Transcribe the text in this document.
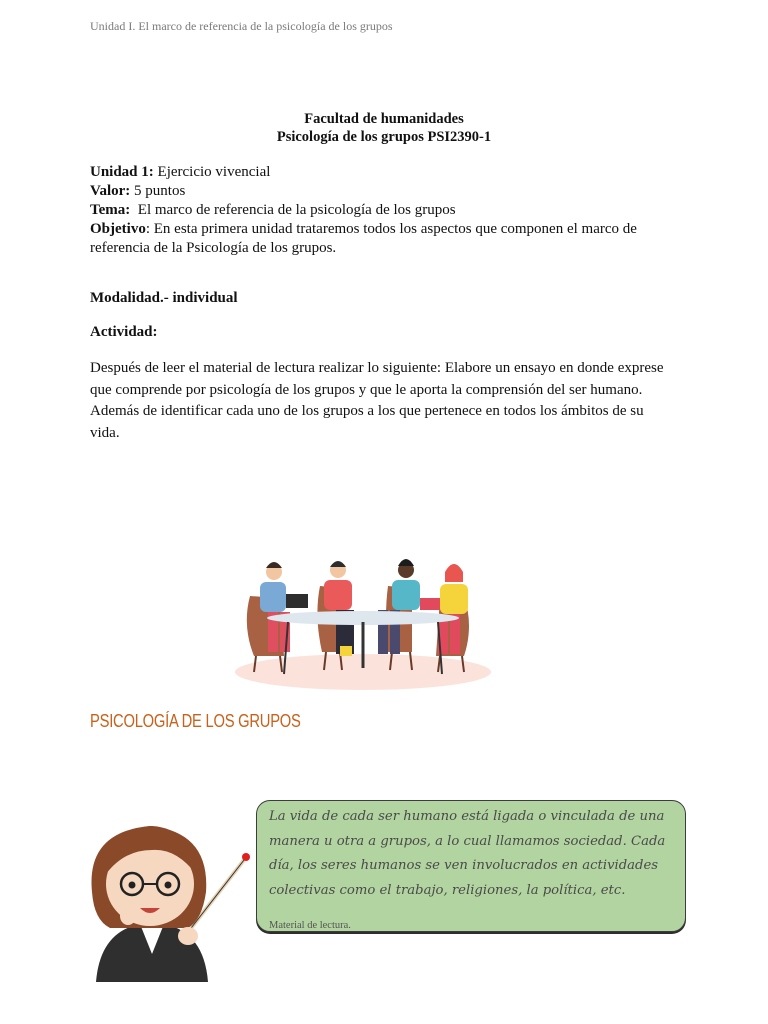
Unidad I. El marco de referencia de la psicología de los grupos
Facultad de humanidades
Psicología de los grupos PSI2390-1
Unidad 1: Ejercicio vivencial
Valor: 5 puntos
Tema:  El marco de referencia de la psicología de los grupos
Objetivo: En esta primera unidad trataremos todos los aspectos que componen el marco de referencia de la Psicología de los grupos.
Modalidad.- individual
Actividad:
Después de leer el material de lectura realizar lo siguiente: Elabore un ensayo en donde exprese que comprende por psicología de los grupos y que le aporta la comprensión del ser humano. Además de identificar cada uno de los grupos a los que pertenece en todos los ámbitos de su vida.
PSICOLOGÍA DE LOS GRUPOS
La vida de cada ser humano está ligada o vinculada de una manera u otra a grupos, a lo cual llamamos sociedad. Cada día, los seres humanos se ven involucrados en actividades colectivas como el trabajo, religiones, la política, etc.
Material de lectura.
